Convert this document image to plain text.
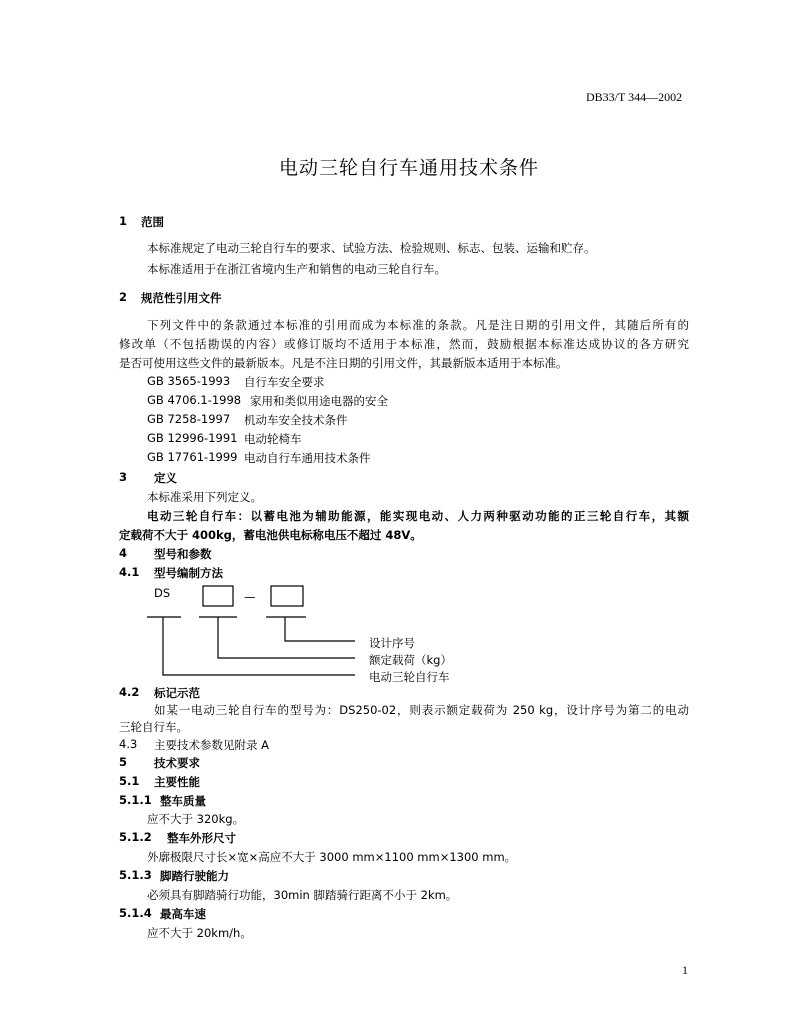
DB33/T 344—2002
电动三轮自行车通用技术条件
1 范围
本标准规定了电动三轮自行车的要求、试验方法、检验规则、标志、包装、运输和贮存。
本标准适用于在浙江省境内生产和销售的电动三轮自行车。
2 规范性引用文件
下列文件中的条款通过本标准的引用而成为本标准的条款。凡是注日期的引用文件，其随后所有的
修改单（不包括勘误的内容）或修订版均不适用于本标准，然而，鼓励根据本标准达成协议的各方研究
是否可使用这些文件的最新版本。凡是不注日期的引用文件，其最新版本适用于本标准。
GB 3565-1993 自行车安全要求
GB 4706.1-1998 家用和类似用途电器的安全
GB 7258-1997 机动车安全技术条件
GB 12996-1991 电动轮椅车
GB 17761-1999 电动自行车通用技术条件
3 定义
本标准采用下列定义。
电动三轮自行车：以蓄电池为辅助能源，能实现电动、人力两种驱动功能的正三轮自行车，其额
定载荷不大于 400kg，蓄电池供电标称电压不超过 48V。
4 型号和参数
4.1 型号编制方法
DS	—
设计序号
额定载荷（kg）
电动三轮自行车
4.2 标记示范
如某一电动三轮自行车的型号为：DS250-02，则表示额定载荷为 250 kg，设计序号为第二的电动
三轮自行车。
4.3 主要技术参数见附录 A
5 技术要求
5.1 主要性能
5.1.1 整车质量
应不大于 320kg。
5.1.2 整车外形尺寸
外廓极限尺寸长×宽×高应不大于 3000 mm×1100 mm×1300 mm。
5.1.3 脚踏行驶能力
必须具有脚踏骑行功能，30min 脚踏骑行距离不小于 2km。
5.1.4 最高车速
应不大于 20km/h。
1
